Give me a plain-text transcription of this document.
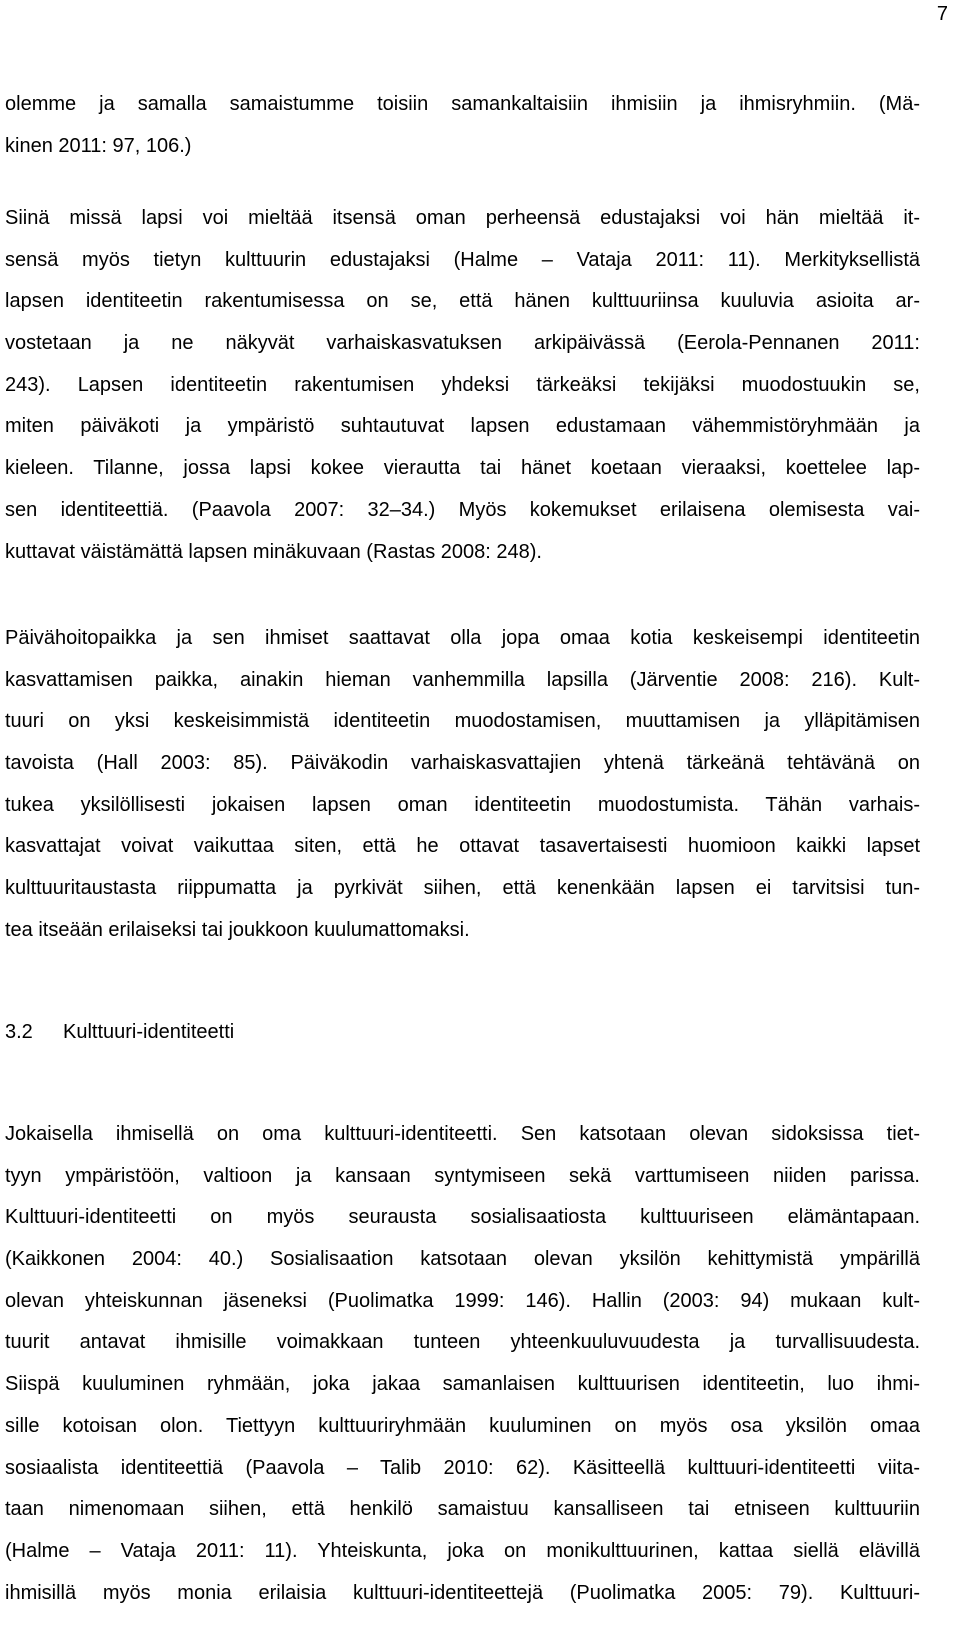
7
olemme ja samalla samaistumme toisiin samankaltaisiin ihmisiin ja ihmisryhmiin. (Mä-
kinen 2011: 97, 106.)
Siinä missä lapsi voi mieltää itsensä oman perheensä edustajaksi voi hän mieltää it-
sensä myös tietyn kulttuurin edustajaksi (Halme – Vataja 2011: 11). Merkityksellistä
lapsen identiteetin rakentumisessa on se, että hänen kulttuuriinsa kuuluvia asioita ar-
vostetaan ja ne näkyvät varhaiskasvatuksen arkipäivässä (Eerola-Pennanen 2011:
243). Lapsen identiteetin rakentumisen yhdeksi tärkeäksi tekijäksi muodostuukin se,
miten päiväkoti ja ympäristö suhtautuvat lapsen edustamaan vähemmistöryhmään ja
kieleen. Tilanne, jossa lapsi kokee vierautta tai hänet koetaan vieraaksi, koettelee lap-
sen identiteettiä. (Paavola 2007: 32–34.) Myös kokemukset erilaisena olemisesta vai-
kuttavat väistämättä lapsen minäkuvaan (Rastas 2008: 248).
Päivähoitopaikka ja sen ihmiset saattavat olla jopa omaa kotia keskeisempi identiteetin
kasvattamisen paikka, ainakin hieman vanhemmilla lapsilla (Järventie 2008: 216). Kult-
tuuri on yksi keskeisimmistä identiteetin muodostamisen, muuttamisen ja ylläpitämisen
tavoista (Hall 2003: 85). Päiväkodin varhaiskasvattajien yhtenä tärkeänä tehtävänä on
tukea yksilöllisesti jokaisen lapsen oman identiteetin muodostumista. Tähän varhais-
kasvattajat voivat vaikuttaa siten, että he ottavat tasavertaisesti huomioon kaikki lapset
kulttuuritaustasta riippumatta ja pyrkivät siihen, että kenenkään lapsen ei tarvitsisi tun-
tea itseään erilaiseksi tai joukkoon kuulumattomaksi.
3.2 Kulttuuri-identiteetti
Jokaisella ihmisellä on oma kulttuuri-identiteetti. Sen katsotaan olevan sidoksissa tiet-
tyyn ympäristöön, valtioon ja kansaan syntymiseen sekä varttumiseen niiden parissa.
Kulttuuri-identiteetti on myös seurausta sosialisaatiosta kulttuuriseen elämäntapaan.
(Kaikkonen 2004: 40.) Sosialisaation katsotaan olevan yksilön kehittymistä ympärillä
olevan yhteiskunnan jäseneksi (Puolimatka 1999: 146). Hallin (2003: 94) mukaan kult-
tuurit antavat ihmisille voimakkaan tunteen yhteenkuuluvuudesta ja turvallisuudesta.
Siispä kuuluminen ryhmään, joka jakaa samanlaisen kulttuurisen identiteetin, luo ihmi-
sille kotoisan olon. Tiettyyn kulttuuriryhmään kuuluminen on myös osa yksilön omaa
sosiaalista identiteettiä (Paavola – Talib 2010: 62). Käsitteellä kulttuuri-identiteetti viita-
taan nimenomaan siihen, että henkilö samaistuu kansalliseen tai etniseen kulttuuriin
(Halme – Vataja 2011: 11). Yhteiskunta, joka on monikulttuurinen, kattaa siellä elävillä
ihmisillä myös monia erilaisia kulttuuri-identiteettejä (Puolimatka 2005: 79). Kulttuuri-
